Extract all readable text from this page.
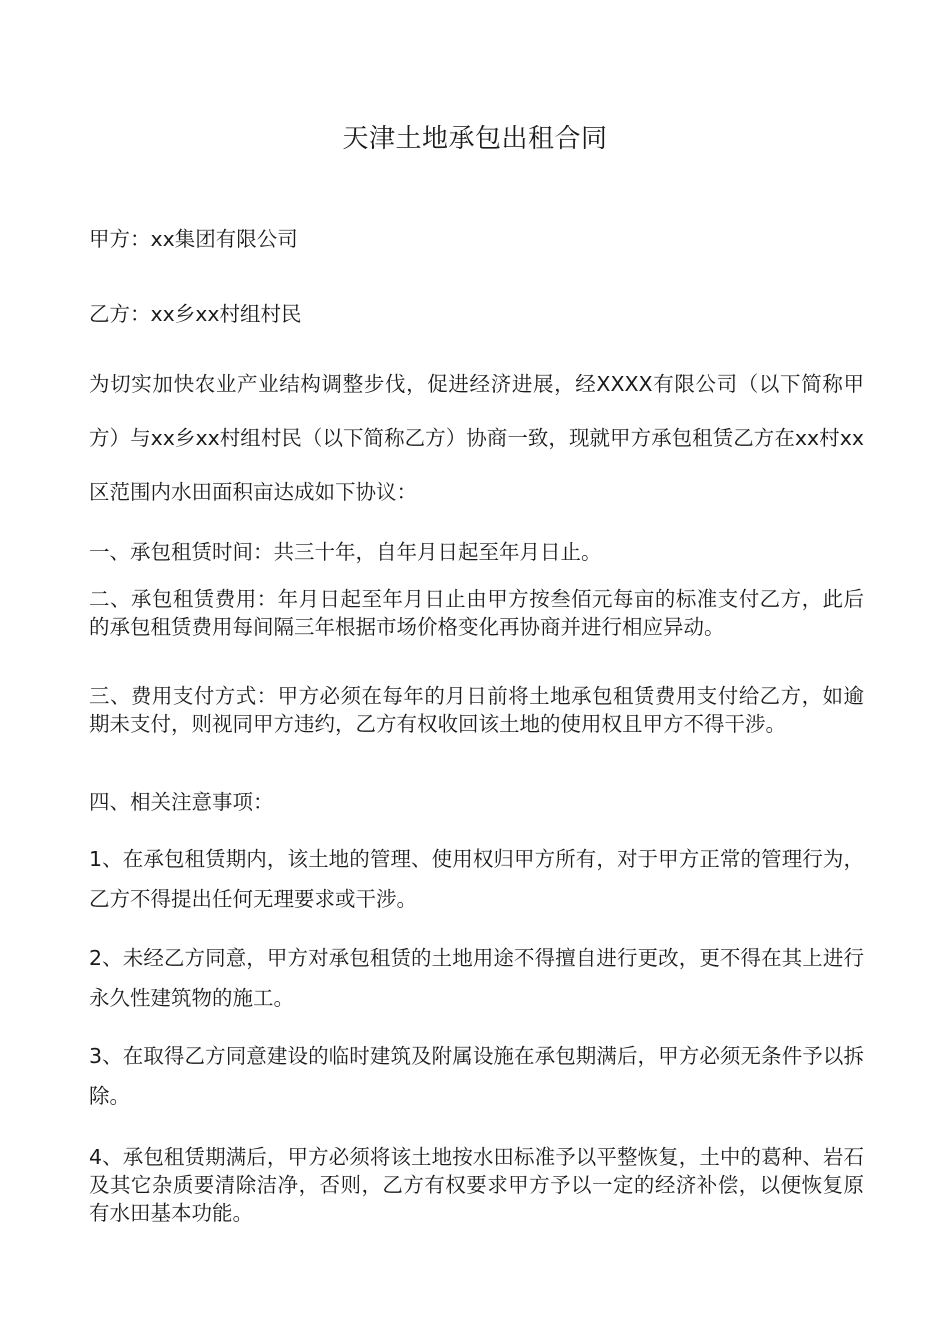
天津土地承包出租合同

甲方：xx集团有限公司

乙方：xx乡xx村组村民

为切实加快农业产业结构调整步伐，促进经济进展，经XXXX有限公司（以下简称甲方）与xx乡xx村组村民（以下简称乙方）协商一致，现就甲方承包租赁乙方在xx村xx区范围内水田面积亩达成如下协议：

一、承包租赁时间：共三十年，自年月日起至年月日止。

二、承包租赁费用：年月日起至年月日止由甲方按叁佰元每亩的标准支付乙方，此后的承包租赁费用每间隔三年根据市场价格变化再协商并进行相应异动。

三、费用支付方式：甲方必须在每年的月日前将土地承包租赁费用支付给乙方，如逾期未支付，则视同甲方违约，乙方有权收回该土地的使用权且甲方不得干涉。

四、相关注意事项：

1、在承包租赁期内，该土地的管理、使用权归甲方所有，对于甲方正常的管理行为，乙方不得提出任何无理要求或干涉。

2、未经乙方同意，甲方对承包租赁的土地用途不得擅自进行更改，更不得在其上进行永久性建筑物的施工。

3、在取得乙方同意建设的临时建筑及附属设施在承包期满后，甲方必须无条件予以拆除。

4、承包租赁期满后，甲方必须将该土地按水田标准予以平整恢复，土中的葛种、岩石及其它杂质要清除洁净，否则，乙方有权要求甲方予以一定的经济补偿，以便恢复原有水田基本功能。
